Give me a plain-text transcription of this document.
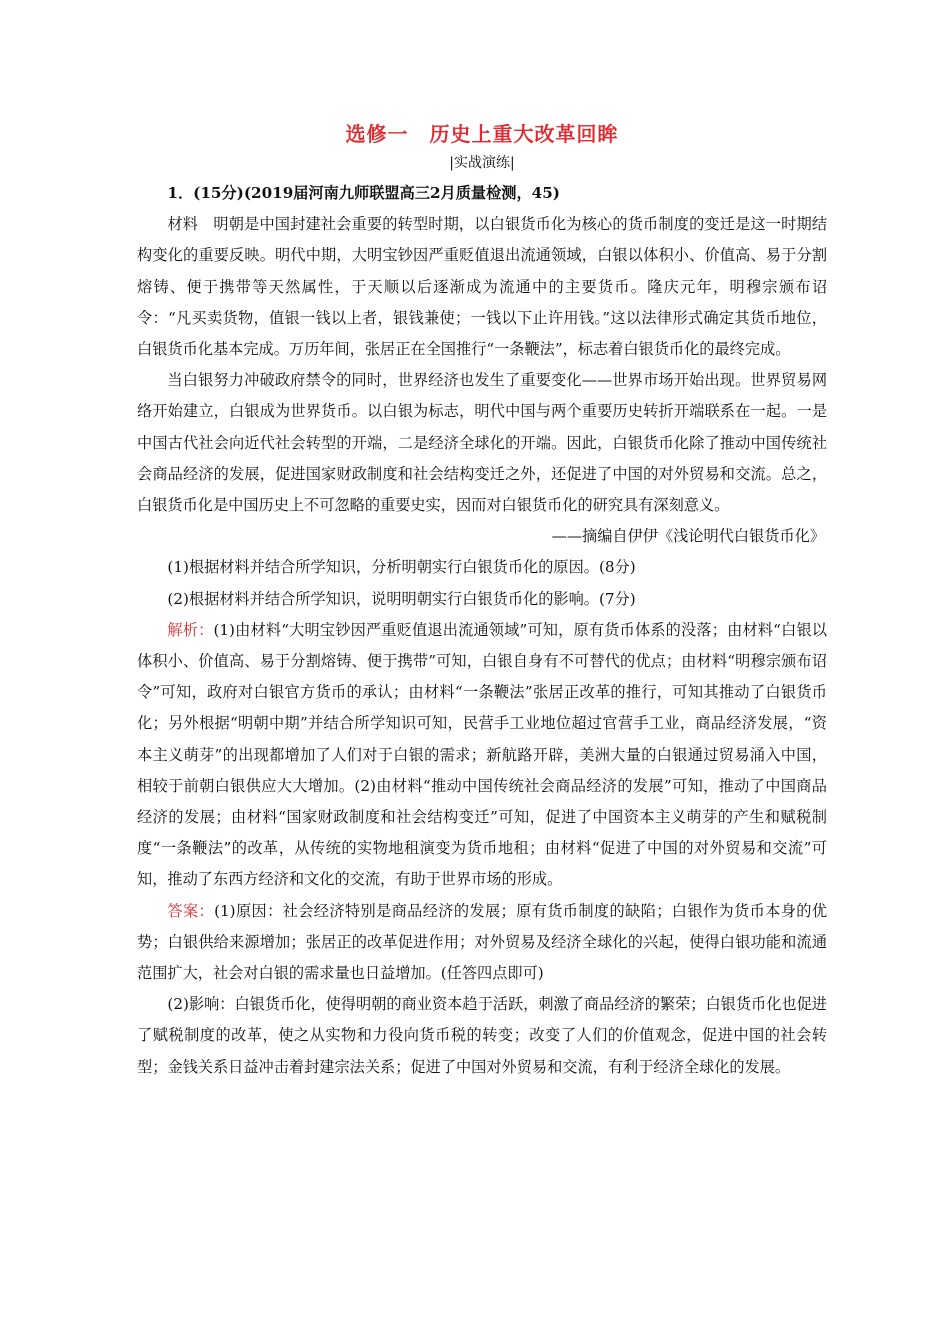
选修一　历史上重大改革回眸
|实战演练|

1．(15分)(2019届河南九师联盟高三2月质量检测，45)

材料　明朝是中国封建社会重要的转型时期，以白银货币化为核心的货币制度的变迁是这一时期结构变化的重要反映。明代中期，大明宝钞因严重贬值退出流通领域，白银以体积小、价值高、易于分割熔铸、便于携带等天然属性，于天顺以后逐渐成为流通中的主要货币。隆庆元年，明穆宗颁布诏令：“凡买卖货物，值银一钱以上者，银钱兼使；一钱以下止许用钱。”这以法律形式确定其货币地位，白银货币化基本完成。万历年间，张居正在全国推行“一条鞭法”，标志着白银货币化的最终完成。

当白银努力冲破政府禁令的同时，世界经济也发生了重要变化——世界市场开始出现。世界贸易网络开始建立，白银成为世界货币。以白银为标志，明代中国与两个重要历史转折开端联系在一起。一是中国古代社会向近代社会转型的开端，二是经济全球化的开端。因此，白银货币化除了推动中国传统社会商品经济的发展，促进国家财政制度和社会结构变迁之外，还促进了中国的对外贸易和交流。总之，白银货币化是中国历史上不可忽略的重要史实，因而对白银货币化的研究具有深刻意义。

——摘编自伊伊《浅论明代白银货币化》

(1)根据材料并结合所学知识，分析明朝实行白银货币化的原因。(8分)

(2)根据材料并结合所学知识，说明明朝实行白银货币化的影响。(7分)

解析：(1)由材料“大明宝钞因严重贬值退出流通领域”可知，原有货币体系的没落；由材料“白银以体积小、价值高、易于分割熔铸、便于携带”可知，白银自身有不可替代的优点；由材料“明穆宗颁布诏令”可知，政府对白银官方货币的承认；由材料“一条鞭法”张居正改革的推行，可知其推动了白银货币化；另外根据“明朝中期”并结合所学知识可知，民营手工业地位超过官营手工业，商品经济发展，“资本主义萌芽”的出现都增加了人们对于白银的需求；新航路开辟，美洲大量的白银通过贸易涌入中国，相较于前朝白银供应大大增加。(2)由材料“推动中国传统社会商品经济的发展”可知，推动了中国商品经济的发展；由材料“国家财政制度和社会结构变迁”可知，促进了中国资本主义萌芽的产生和赋税制度“一条鞭法”的改革，从传统的实物地租演变为货币地租；由材料“促进了中国的对外贸易和交流”可知，推动了东西方经济和文化的交流，有助于世界市场的形成。

答案：(1)原因：社会经济特别是商品经济的发展；原有货币制度的缺陷；白银作为货币本身的优势；白银供给来源增加；张居正的改革促进作用；对外贸易及经济全球化的兴起，使得白银功能和流通范围扩大，社会对白银的需求量也日益增加。(任答四点即可)

(2)影响：白银货币化，使得明朝的商业资本趋于活跃，刺激了商品经济的繁荣；白银货币化也促进了赋税制度的改革，使之从实物和力役向货币税的转变；改变了人们的价值观念，促进中国的社会转型；金钱关系日益冲击着封建宗法关系；促进了中国对外贸易和交流，有利于经济全球化的发展。
